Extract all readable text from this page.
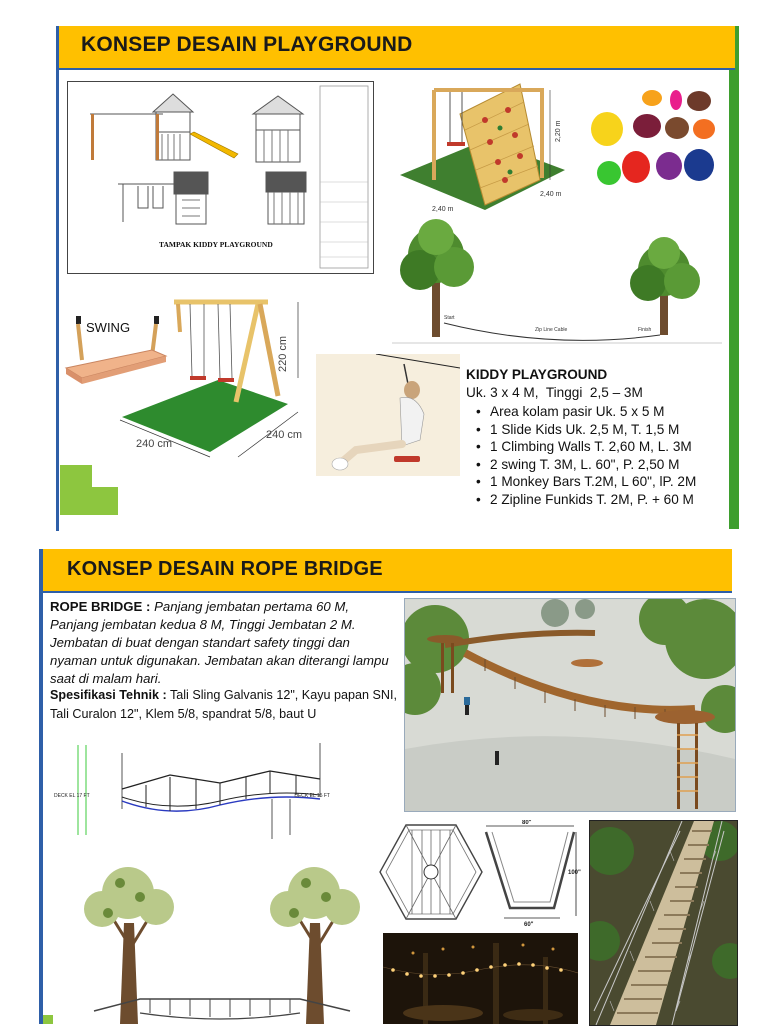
KONSEP DESAIN PLAYGROUND
TAMPAK KIDDY PLAYGROUND
2,20 m
2,40 m
2,40 m
Start
Zip Line Cable	Finish
SWING
220 cm
240 cm
240 cm
KIDDY PLAYGROUND
Uk. 3 x 4 M,  Tinggi  2,5 – 3M
• Area kolam pasir Uk. 5 x 5 M
• 1 Slide Kids Uk. 2,5 M, T. 1,5 M
• 1 Climbing Walls T. 2,60 M, L. 3M
• 2 swing T. 3M, L. 60", P. 2,50 M
• 1 Monkey Bars T.2M, L 60", lP. 2M
• 2 Zipline Funkids T. 2M, P. + 60 M
KONSEP DESAIN ROPE BRIDGE
ROPE BRIDGE : Panjang jembatan pertama 60 M, Panjang jembatan kedua 8 M, Tinggi Jembatan 2 M. Jembatan di buat dengan standart safety tinggi dan nyaman untuk digunakan. Jembatan akan diterangi lampu saat di malam hari.
Spesifikasi Tehnik : Tali Sling Galvanis 12", Kayu papan SNI, Tali Curalon 12", Klem 5/8, spandrat 5/8, baut U
DECK EL 17 FT	DECK EL 15 FT
80"
100"
60"
